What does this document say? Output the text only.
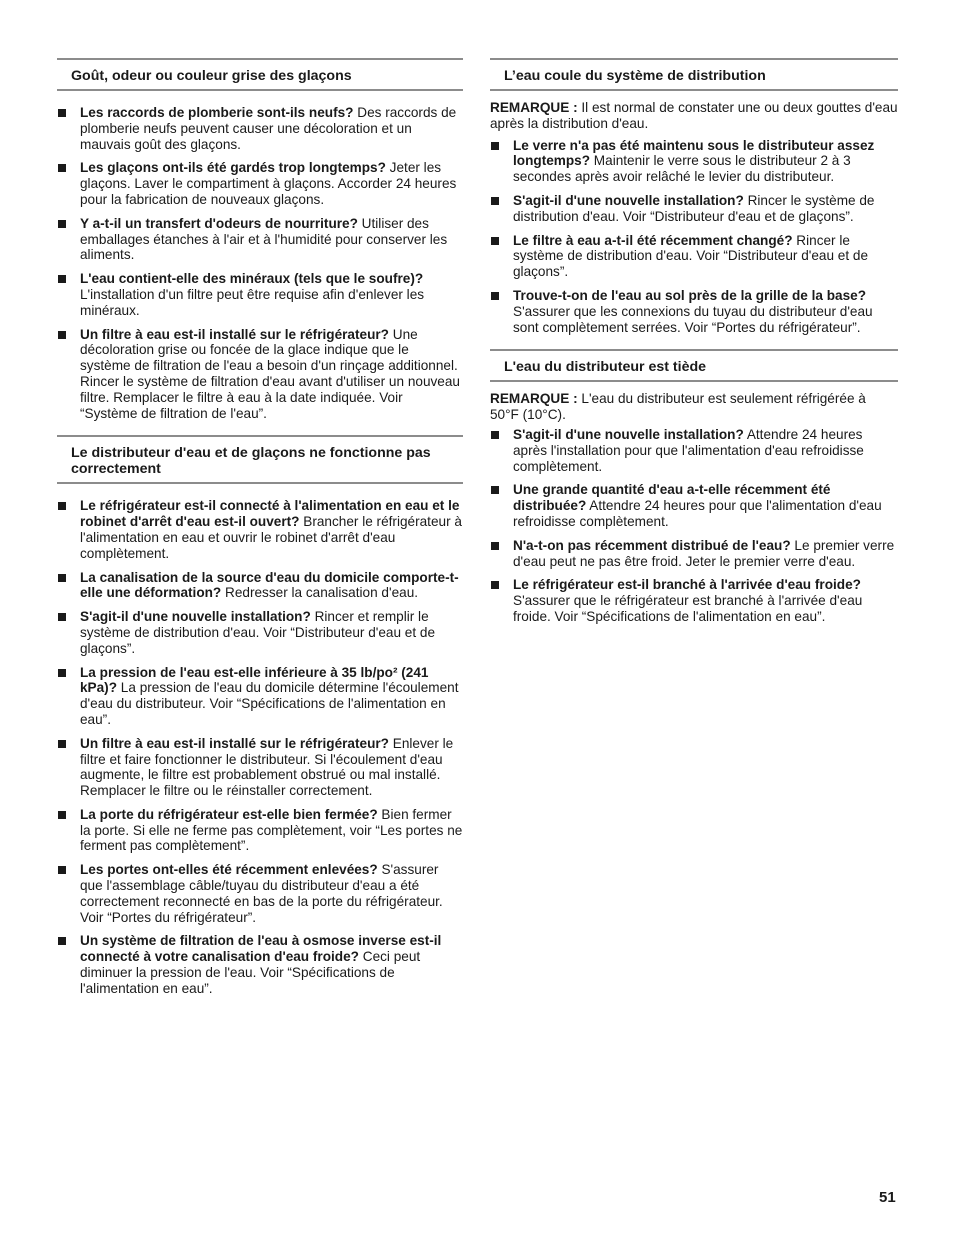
Goût, odeur ou couleur grise des glaçons
Les raccords de plomberie sont-ils neufs? Des raccords de plomberie neufs peuvent causer une décoloration et un mauvais goût des glaçons.
Les glaçons ont-ils été gardés trop longtemps? Jeter les glaçons. Laver le compartiment à glaçons. Accorder 24 heures pour la fabrication de nouveaux glaçons.
Y a-t-il un transfert d'odeurs de nourriture? Utiliser des emballages étanches à l'air et à l'humidité pour conserver les aliments.
L'eau contient-elle des minéraux (tels que le soufre)? L'installation d'un filtre peut être requise afin d'enlever les minéraux.
Un filtre à eau est-il installé sur le réfrigérateur? Une décoloration grise ou foncée de la glace indique que le système de filtration de l'eau a besoin d'un rinçage additionnel. Rincer le système de filtration d'eau avant d'utiliser un nouveau filtre. Remplacer le filtre à eau à la date indiquée. Voir “Système de filtration de l'eau”.
Le distributeur d'eau et de glaçons ne fonctionne pas correctement
Le réfrigérateur est-il connecté à l'alimentation en eau et le robinet d'arrêt d'eau est-il ouvert? Brancher le réfrigérateur à l'alimentation en eau et ouvrir le robinet d'arrêt d'eau complètement.
La canalisation de la source d'eau du domicile comporte-t-elle une déformation? Redresser la canalisation d'eau.
S'agit-il d'une nouvelle installation? Rincer et remplir le système de distribution d'eau. Voir “Distributeur d'eau et de glaçons”.
La pression de l'eau est-elle inférieure à 35 lb/po² (241 kPa)? La pression de l'eau du domicile détermine l'écoulement d'eau du distributeur. Voir “Spécifications de l'alimentation en eau”.
Un filtre à eau est-il installé sur le réfrigérateur? Enlever le filtre et faire fonctionner le distributeur. Si l'écoulement d'eau augmente, le filtre est probablement obstrué ou mal installé. Remplacer le filtre ou le réinstaller correctement.
La porte du réfrigérateur est-elle bien fermée? Bien fermer la porte. Si elle ne ferme pas complètement, voir “Les portes ne ferment pas complètement”.
Les portes ont-elles été récemment enlevées? S'assurer que l'assemblage câble/tuyau du distributeur d'eau a été correctement reconnecté en bas de la porte du réfrigérateur. Voir “Portes du réfrigérateur”.
Un système de filtration de l'eau à osmose inverse est-il connecté à votre canalisation d'eau froide? Ceci peut diminuer la pression de l'eau. Voir “Spécifications de l'alimentation en eau”.
L’eau coule du système de distribution

REMARQUE : Il est normal de constater une ou deux gouttes d'eau après la distribution d'eau.

Le verre n'a pas été maintenu sous le distributeur assez longtemps? Maintenir le verre sous le distributeur 2 à 3 secondes après avoir relâché le levier du distributeur.
S'agit-il d'une nouvelle installation? Rincer le système de distribution d'eau. Voir “Distributeur d'eau et de glaçons”.
Le filtre à eau a-t-il été récemment changé? Rincer le système de distribution d'eau. Voir “Distributeur d'eau et de glaçons”.
Trouve-t-on de l'eau au sol près de la grille de la base? S'assurer que les connexions du tuyau du distributeur d'eau sont complètement serrées. Voir “Portes du réfrigérateur”.
L'eau du distributeur est tiède

REMARQUE : L'eau du distributeur est seulement réfrigérée à 50°F (10°C).

S'agit-il d'une nouvelle installation? Attendre 24 heures après l'installation pour que l'alimentation d'eau refroidisse complètement.
Une grande quantité d'eau a-t-elle récemment été distribuée? Attendre 24 heures pour que l'alimentation d'eau refroidisse complètement.
N'a-t-on pas récemment distribué de l'eau? Le premier verre d'eau peut ne pas être froid. Jeter le premier verre d'eau.
Le réfrigérateur est-il branché à l'arrivée d'eau froide? S'assurer que le réfrigérateur est branché à l'arrivée d'eau froide. Voir “Spécifications de l'alimentation en eau”.
51
